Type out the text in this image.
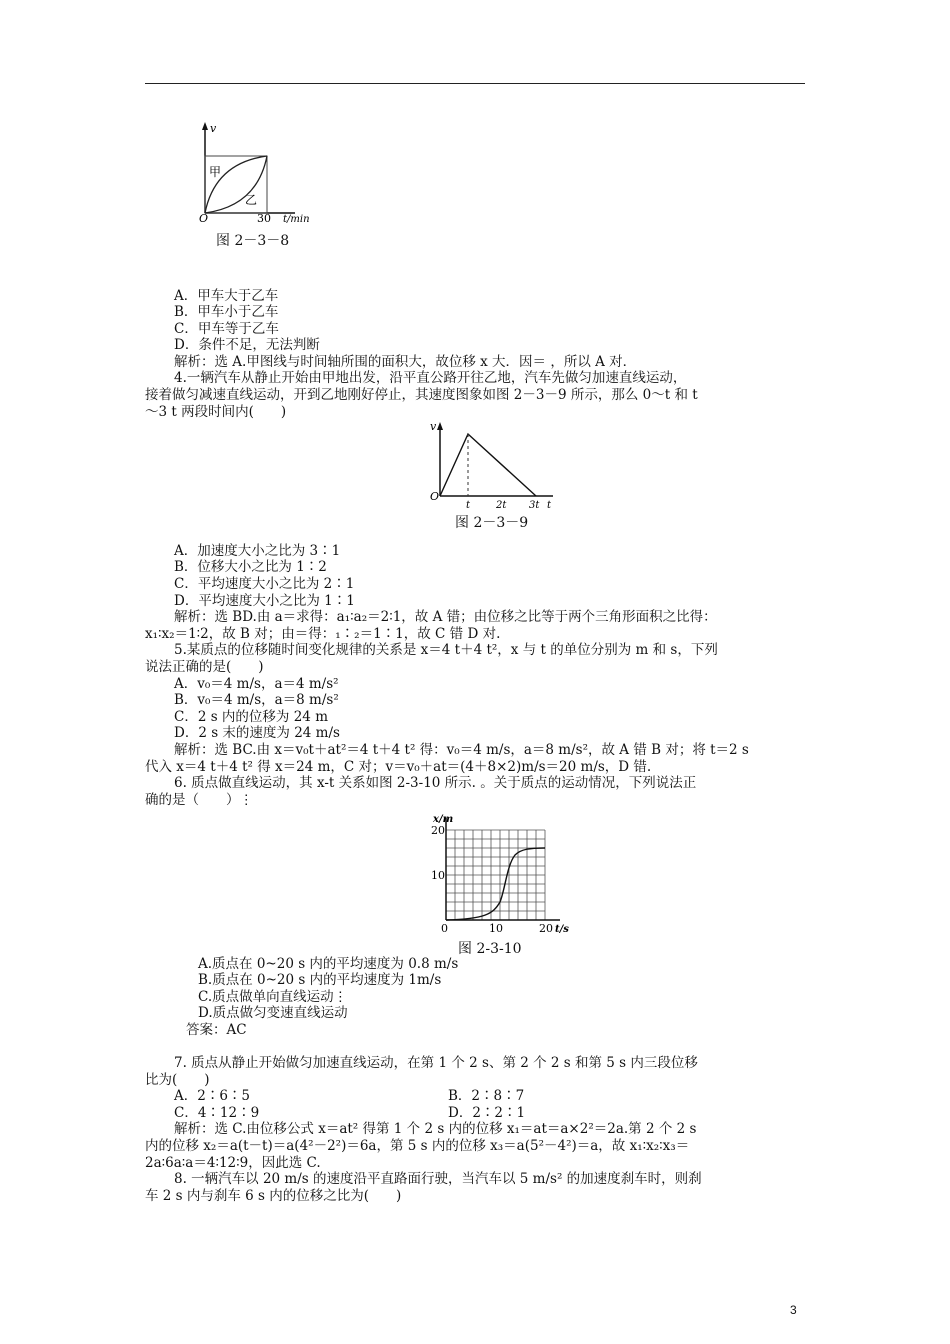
v
甲
乙
O	30 t/min
图 2－3－8
A．甲车大于乙车
B．甲车小于乙车
C．甲车等于乙车
D．条件不足，无法判断
解析：选 A.甲图线与时间轴所围的面积大，故位移 x 大．因＝ ，所以 A 对．
4.一辆汽车从静止开始由甲地出发，沿平直公路开往乙地，汽车先做匀加速直线运动，
接着做匀减速直线运动，开到乙地刚好停止，其速度图象如图 2－3－9 所示，那么 0～t 和 t
～3 t 两段时间内(　　)
v
O
t	2t 3t t
图 2－3－9
A．加速度大小之比为 3∶1
B．位移大小之比为 1∶2
C．平均速度大小之比为 2∶1
D．平均速度大小之比为 1∶1
解析：选 BD.由 a＝求得：a₁∶a₂＝2∶1，故 A 错；由位移之比等于两个三角形面积之比得：
x₁∶x₂＝1∶2，故 B 对；由＝得：₁∶₂＝1∶1，故 C 错 D 对.
5.某质点的位移随时间变化规律的关系是 x＝4 t＋4 t²，x 与 t 的单位分别为 m 和 s，下列
说法正确的是(　　)
A．v₀＝4 m/s，a＝4 m/s²
B．v₀＝4 m/s，a＝8 m/s²
C．2 s 内的位移为 24 m
D．2 s 末的速度为 24 m/s
解析：选 BC.由 x＝v₀t＋at²＝4 t＋4 t² 得：v₀＝4 m/s，a＝8 m/s²，故 A 错 B 对；将 t＝2 s
代入 x＝4 t＋4 t² 得 x＝24 m，C 对；v＝v₀＋at＝(4＋8×2)m/s＝20 m/s，D 错.
6. 质点做直线运动，其 x-t 关系如图 2-3-10 所示. 。关于质点的运动情况，下列说法正
确的是（　　）⋮
x/m
20
10
0	10	20 t/s
图 2-3-10
A.质点在 0~20 s 内的平均速度为 0.8 m/s
B.质点在 0~20 s 内的平均速度为 1m/s
C.质点做单向直线运动⋮
D.质点做匀变速直线运动
答案：AC
7. 质点从静止开始做匀加速直线运动，在第 1 个 2 s、第 2 个 2 s 和第 5 s 内三段位移
比为(　　)
A．2∶6∶5	B．2∶8∶7
C．4∶12∶9	D．2∶2∶1
解析：选 C.由位移公式 x＝at² 得第 1 个 2 s 内的位移 x₁＝at＝a×2²＝2a.第 2 个 2 s
内的位移 x₂＝a(t－t)＝a(4²－2²)＝6a，第 5 s 内的位移 x₃＝a(5²－4²)＝a，故 x₁∶x₂∶x₃＝
2a∶6a∶a＝4∶12∶9，因此选 C.
8. 一辆汽车以 20 m/s 的速度沿平直路面行驶，当汽车以 5 m/s² 的加速度刹车时，则刹
车 2 s 内与刹车 6 s 内的位移之比为(　　)
3
